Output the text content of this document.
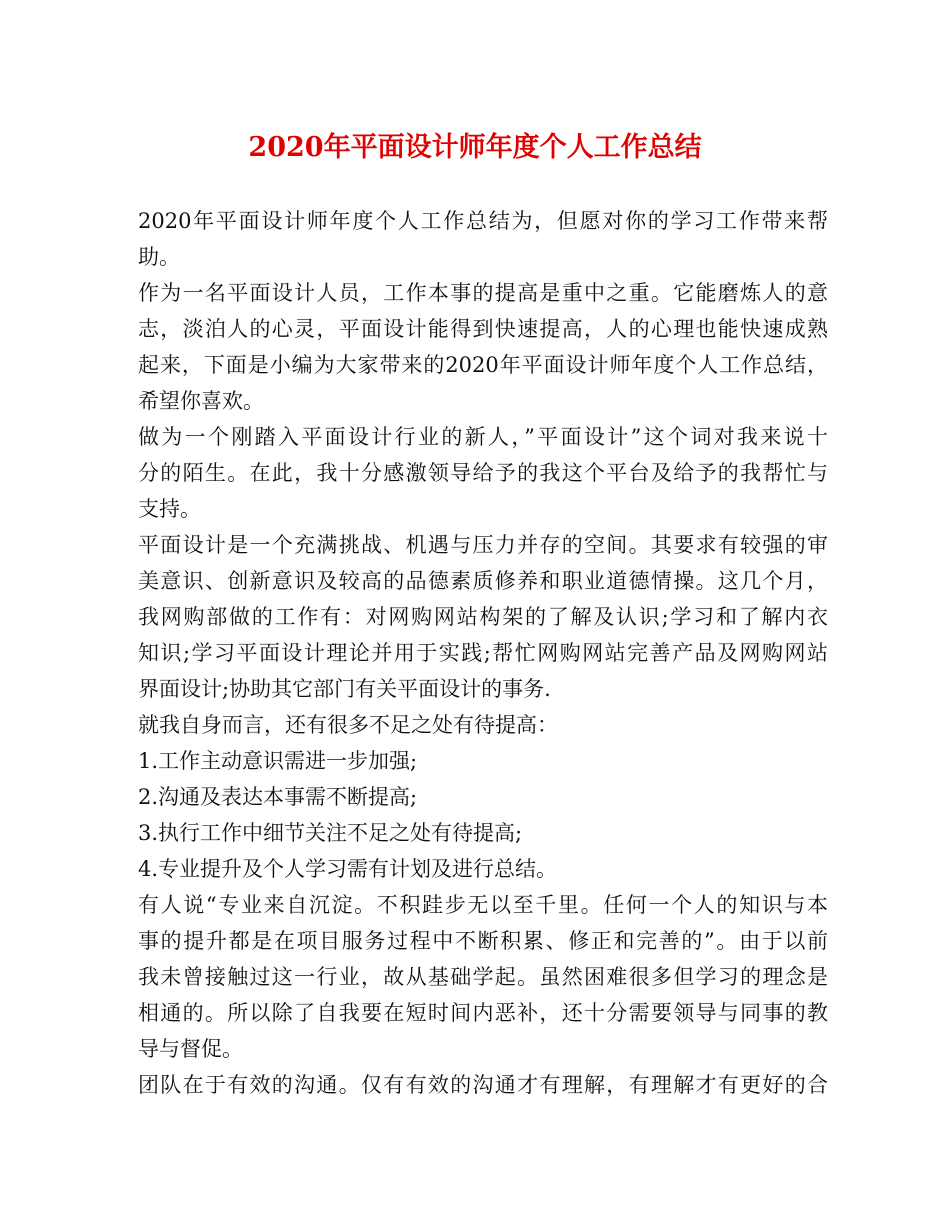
2020年平面设计师年度个人工作总结
2020年平面设计师年度个人工作总结为，但愿对你的学习工作带来帮
助。
作为一名平面设计人员，工作本事的提高是重中之重。它能磨炼人的意
志，淡泊人的心灵，平面设计能得到快速提高，人的心理也能快速成熟
起来，下面是小编为大家带来的2020年平面设计师年度个人工作总结，
希望你喜欢。
做为一个刚踏入平面设计行业的新人，”平面设计”这个词对我来说十
分的陌生。在此，我十分感激领导给予的我这个平台及给予的我帮忙与
支持。
平面设计是一个充满挑战、机遇与压力并存的空间。其要求有较强的审
美意识、创新意识及较高的品德素质修养和职业道德情操。这几个月，
我网购部做的工作有：对网购网站构架的了解及认识;学习和了解内衣
知识;学习平面设计理论并用于实践;帮忙网购网站完善产品及网购网站
界面设计;协助其它部门有关平面设计的事务.
就我自身而言，还有很多不足之处有待提高：
1.工作主动意识需进一步加强;
2.沟通及表达本事需不断提高;
3.执行工作中细节关注不足之处有待提高;
4.专业提升及个人学习需有计划及进行总结。
有人说“专业来自沉淀。不积跬步无以至千里。任何一个人的知识与本
事的提升都是在项目服务过程中不断积累、修正和完善的”。由于以前
我未曾接触过这一行业，故从基础学起。虽然困难很多但学习的理念是
相通的。所以除了自我要在短时间内恶补，还十分需要领导与同事的教
导与督促。
团队在于有效的沟通。仅有有效的沟通才有理解，有理解才有更好的合
